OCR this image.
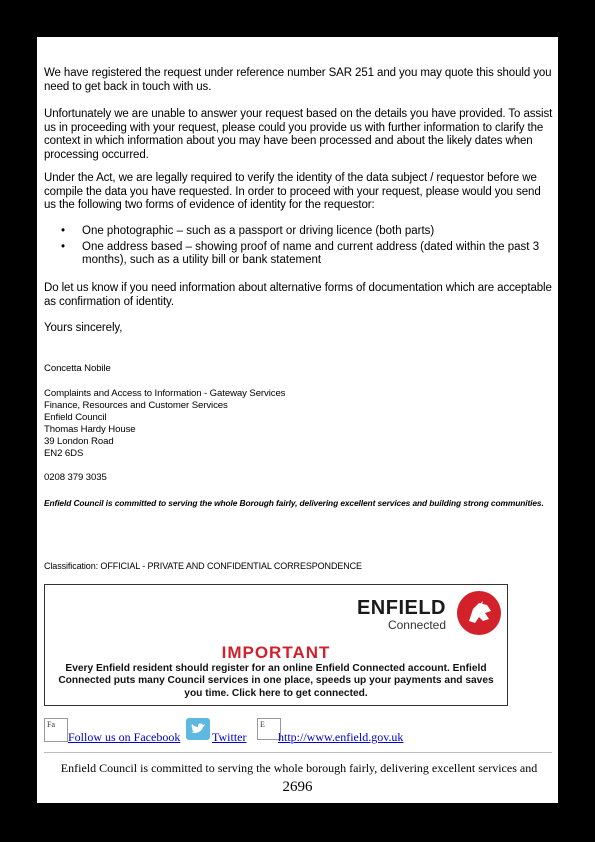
We have registered the request under reference number SAR 251 and you may quote this should you need to get back in touch with us.

Unfortunately we are unable to answer your request based on the details you have provided. To assist us in proceeding with your request, please could you provide us with further information to clarify the context in which information about you may have been processed and about the likely dates when processing occurred.

Under the Act, we are legally required to verify the identity of the data subject / requestor before we compile the data you have requested. In order to proceed with your request, please would you send us the following two forms of evidence of identity for the requestor:

• One photographic – such as a passport or driving licence (both parts)
• One address based – showing proof of name and current address (dated within the past 3 months), such as a utility bill or bank statement

Do let us know if you need information about alternative forms of documentation which are acceptable as confirmation of identity.

Yours sincerely,

Concetta Nobile

Complaints and Access to Information - Gateway Services
Finance, Resources and Customer Services
Enfield Council
Thomas Hardy House
39 London Road
EN2 6DS

0208 379 3035

Enfield Council is committed to serving the whole Borough fairly, delivering excellent services and building strong communities.

Classification: OFFICIAL - PRIVATE AND CONFIDENTIAL CORRESPONDENCE

ENFIELD
Connected
IMPORTANT
Every Enfield resident should register for an online Enfield Connected account. Enfield Connected puts many Council services in one place, speeds up your payments and saves you time. Click here to get connected.
Fa
Follow us on Facebook	Twitter
E
http://www.enfield.gov.uk
Enfield Council is committed to serving the whole borough fairly, delivering excellent services and
2696
